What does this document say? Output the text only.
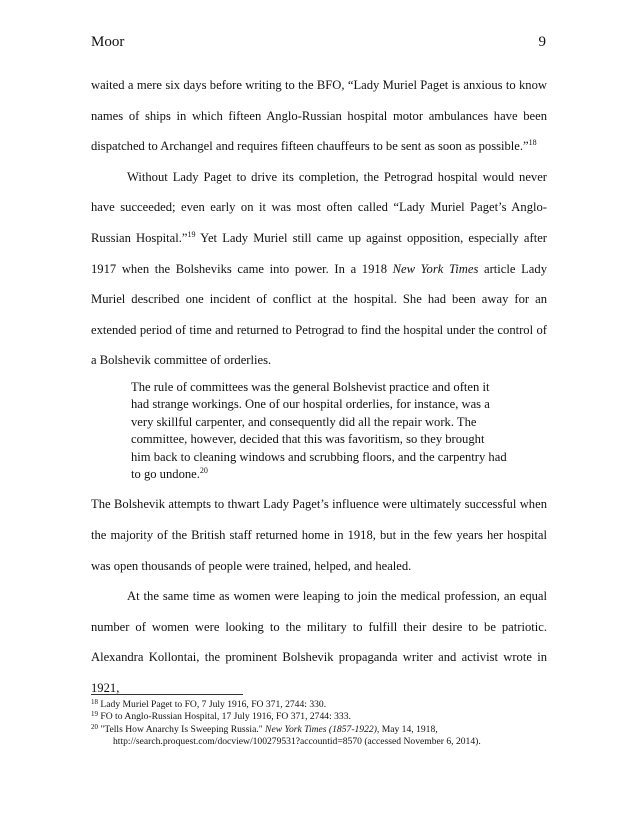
Moor	9

waited a mere six days before writing to the BFO, “Lady Muriel Paget is anxious to know names of ships in which fifteen Anglo-Russian hospital motor ambulances have been dispatched to Archangel and requires fifteen chauffeurs to be sent as soon as possible.”$^{18}$

Without Lady Paget to drive its completion, the Petrograd hospital would never have succeeded; even early on it was most often called “Lady Muriel Paget’s Anglo-Russian Hospital.”$^{19}$ Yet Lady Muriel still came up against opposition, especially after 1917 when the Bolsheviks came into power. In a 1918 New York Times article Lady Muriel described one incident of conflict at the hospital. She had been away for an extended period of time and returned to Petrograd to find the hospital under the control of a Bolshevik committee of orderlies.

The rule of committees was the general Bolshevist practice and often it had strange workings. One of our hospital orderlies, for instance, was a very skillful carpenter, and consequently did all the repair work. The committee, however, decided that this was favoritism, so they brought him back to cleaning windows and scrubbing floors, and the carpentry had to go undone.$^{20}$

The Bolshevik attempts to thwart Lady Paget’s influence were ultimately successful when the majority of the British staff returned home in 1918, but in the few years her hospital was open thousands of people were trained, helped, and healed.

At the same time as women were leaping to join the medical profession, an equal number of women were looking to the military to fulfill their desire to be patriotic. Alexandra Kollontai, the prominent Bolshevik propaganda writer and activist wrote in 1921,

$^{18}$ Lady Muriel Paget to FO, 7 July 1916, FO 371, 2744: 330.

$^{19}$ FO to Anglo-Russian Hospital, 17 July 1916, FO 371, 2744: 333.

$^{20}$ "Tells How Anarchy Is Sweeping Russia." New York Times (1857-1922), May 14, 1918,

http://search.proquest.com/docview/100279531?accountid=8570 (accessed November 6, 2014).
